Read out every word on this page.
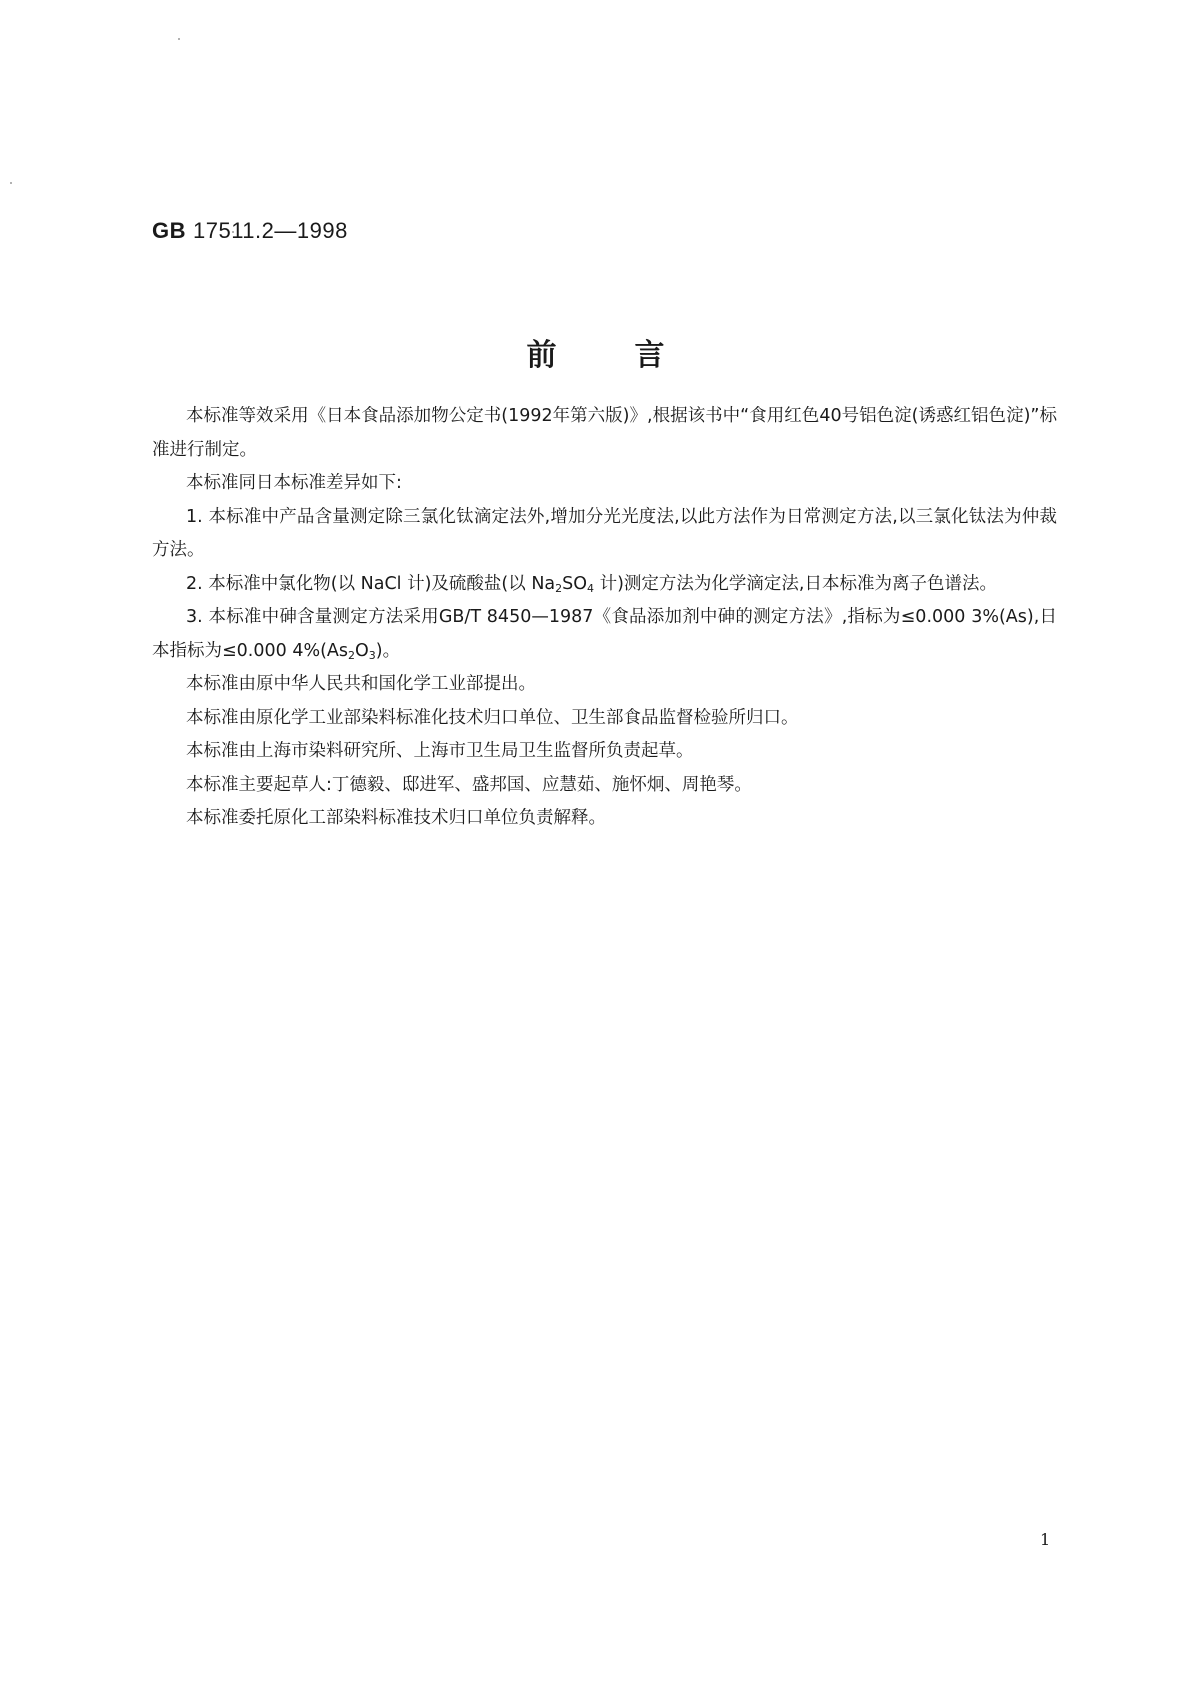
GB 17511.2—1998
前言

本标准等效采用《日本食品添加物公定书(1992年第六版)》,根据该书中“食用红色40号铝色淀(诱惑红铝色淀)”标准进行制定。

本标准同日本标准差异如下:

1. 本标准中产品含量测定除三氯化钛滴定法外,增加分光光度法,以此方法作为日常测定方法,以三氯化钛法为仲裁方法。

2. 本标准中氯化物(以 NaCl 计)及硫酸盐(以 $Na_2SO_4$ 计)测定方法为化学滴定法,日本标准为离子色谱法。

3. 本标准中砷含量测定方法采用GB/T 8450—1987《食品添加剂中砷的测定方法》,指标为≤0.000 3%(As),日本指标为≤0.000 $4\%(As_2O_3)$。

本标准由原中华人民共和国化学工业部提出。

本标准由原化学工业部染料标准化技术归口单位、卫生部食品监督检验所归口。

本标准由上海市染料研究所、上海市卫生局卫生监督所负责起草。

本标准主要起草人:丁德毅、邸进军、盛邦国、应慧茹、施怀炯、周艳琴。

本标准委托原化工部染料标准技术归口单位负责解释。

1
